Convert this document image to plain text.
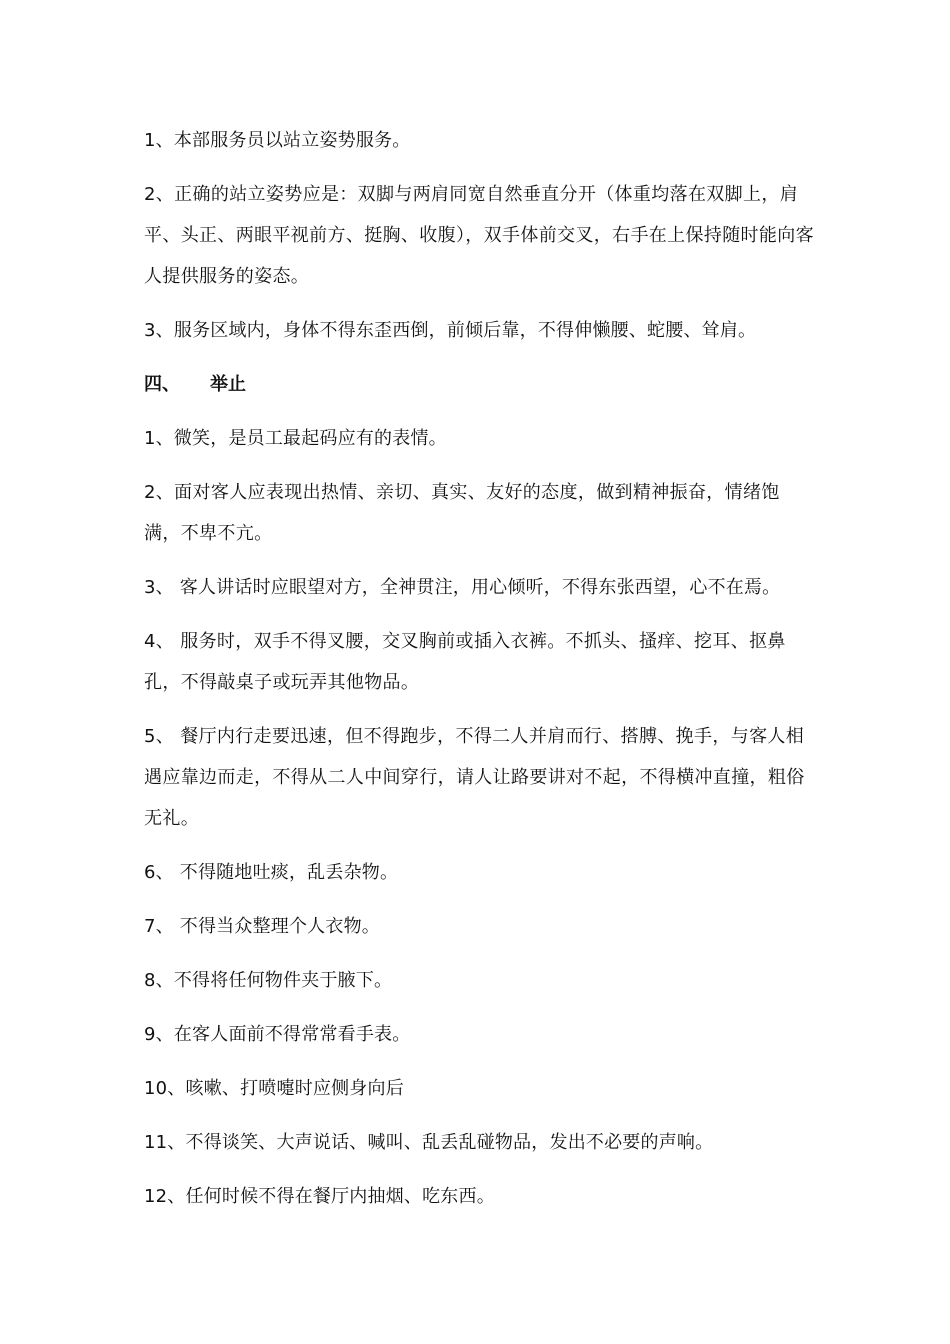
1、本部服务员以站立姿势服务。

2、正确的站立姿势应是：双脚与两肩同宽自然垂直分开（体重均落在双脚上，肩平、头正、两眼平视前方、挺胸、收腹），双手体前交叉，右手在上保持随时能向客人提供服务的姿态。

3、服务区域内，身体不得东歪西倒，前倾后靠，不得伸懒腰、蛇腰、耸肩。

四、	举止

1、微笑，是员工最起码应有的表情。

2、面对客人应表现出热情、亲切、真实、友好的态度，做到精神振奋，情绪饱满，不卑不亢。

3、 客人讲话时应眼望对方，全神贯注，用心倾听，不得东张西望，心不在焉。

4、 服务时，双手不得叉腰，交叉胸前或插入衣裤。不抓头、搔痒、挖耳、抠鼻孔，不得敲桌子或玩弄其他物品。

5、 餐厅内行走要迅速，但不得跑步，不得二人并肩而行、搭膊、挽手，与客人相遇应靠边而走，不得从二人中间穿行，请人让路要讲对不起，不得横冲直撞，粗俗无礼。

6、 不得随地吐痰，乱丢杂物。

7、 不得当众整理个人衣物。

8、不得将任何物件夹于腋下。

9、在客人面前不得常常看手表。

10、咳嗽、打喷嚏时应侧身向后

11、不得谈笑、大声说话、喊叫、乱丢乱碰物品，发出不必要的声响。

12、任何时候不得在餐厅内抽烟、吃东西。
